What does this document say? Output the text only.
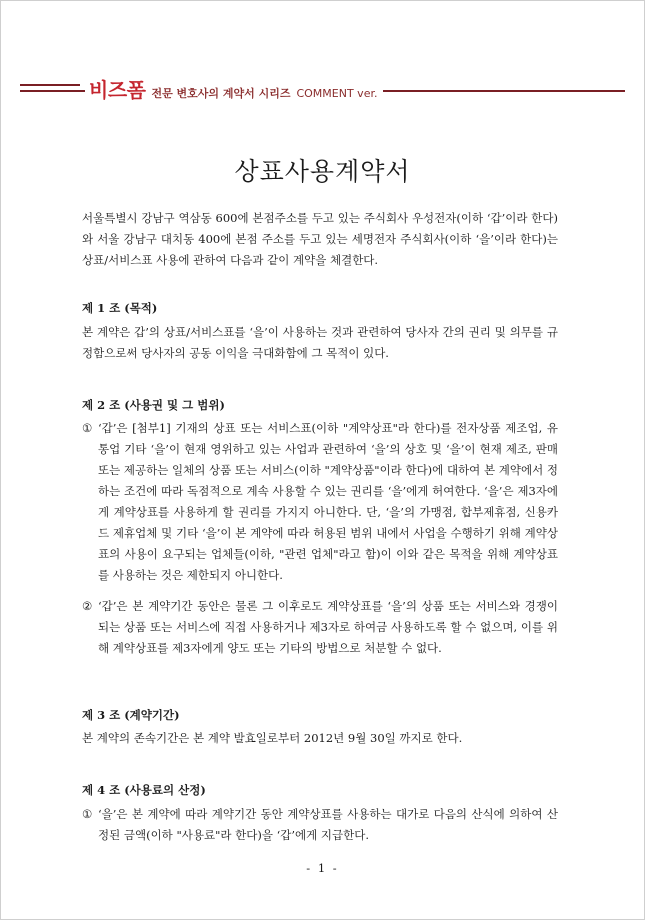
비즈폼 전문 변호사의 계약서 시리즈 COMMENT ver.
상표사용계약서

서울특별시 강남구 역삼동 600에 본점주소를 두고 있는 주식회사 우성전자(이하 ‘갑’이라 한다)와 서울 강남구 대치동 400에 본점 주소를 두고 있는 세명전자 주식회사(이하 ‘을’이라 한다)는 상표/서비스표 사용에 관하여 다음과 같이 계약을 체결한다.

제 1 조 (목적)

본 계약은 갑’의 상표/서비스표를 ‘을’이 사용하는 것과 관련하여 당사자 간의 권리 및 의무를 규정함으로써 당사자의 공동 이익을 극대화함에 그 목적이 있다.

제 2 조 (사용권 및 그 범위)
① ‘갑’은 [첨부1] 기재의 상표 또는 서비스표(이하 "계약상표"라 한다)를 전자상품 제조업, 유통업 기타 ‘을’이 현재 영위하고 있는 사업과 관련하여 ‘을’의 상호 및 ‘을’이 현재 제조, 판매 또는 제공하는 일체의 상품 또는 서비스(이하 "계약상품"이라 한다)에 대하여 본 계약에서 정하는 조건에 따라 독점적으로 계속 사용할 수 있는 권리를 ‘을’에게 허여한다. ‘을’은 제3자에게 계약상표를 사용하게 할 권리를 가지지 아니한다. 단, ‘을’의 가맹점, 합부제휴점, 신용카드 제휴업체 및 기타 ‘을’이 본 계약에 따라 허용된 범위 내에서 사업을 수행하기 위해 계약상표의 사용이 요구되는 업체들(이하, "관련 업체"라고 함)이 이와 같은 목적을 위해 계약상표를 사용하는 것은 제한되지 아니한다.
② ‘갑’은 본 계약기간 동안은 물론 그 이후로도 계약상표를 ‘을’의 상품 또는 서비스와 경쟁이 되는 상품 또는 서비스에 직접 사용하거나 제3자로 하여금 사용하도록 할 수 없으며, 이를 위해 계약상표를 제3자에게 양도 또는 기타의 방법으로 처분할 수 없다.
제 3 조 (계약기간)

본 계약의 존속기간은 본 계약 발효일로부터 2012년 9월 30일 까지로 한다.

제 4 조 (사용료의 산정)
① ‘을’은 본 계약에 따라 계약기간 동안 계약상표를 사용하는 대가로 다음의 산식에 의하여 산정된 금액(이하 "사용료"라 한다)을 ‘갑’에게 지급한다.
- 1 -
